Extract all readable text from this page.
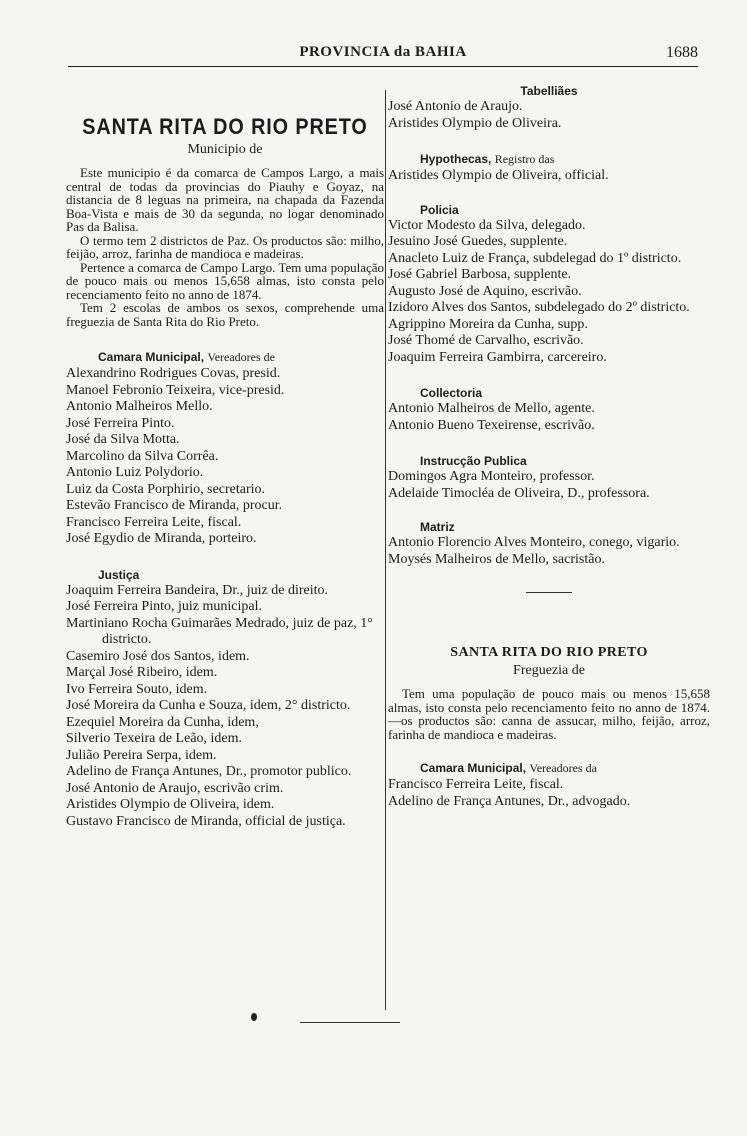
PROVINCIA da BAHIA	1688
SANTA RITA DO RIO PRETO
Municipio de

Este municipio é da comarca de Campos Largo, a mais central de todas da provincias do Piauhy e Goyaz, na distancia de 8 leguas na primeira, na chapada da Fazenda Boa-Vista e mais de 30 da segunda, no logar denominado Pas da Balisa.

O termo tem 2 districtos de Paz. Os productos são: milho, feijão, arroz, farinha de mandioca e madeiras.

Pertence a comarca de Campo Largo. Tem uma população de pouco mais ou menos 15,658 almas, isto consta pelo recenciamento feito no anno de 1874.

Tem 2 escolas de ambos os sexos, comprehende uma freguezia de Santa Rita do Rio Preto.

Camara Municipal, Vereadores de
Alexandrino Rodrigues Covas, presid.
Manoel Febronio Teixeira, vice-presid.
Antonio Malheiros Mello.
José Ferreira Pinto.
José da Silva Motta.
Marcolino da Silva Corrêa.
Antonio Luiz Polydorio.
Luiz da Costa Porphirio, secretario.
Estevão Francisco de Miranda, procur.
Francisco Ferreira Leite, fiscal.
José Egydio de Miranda, porteiro.
Justiça
Joaquim Ferreira Bandeira, Dr., juiz de direito.
José Ferreira Pinto, juiz municipal.
Martiniano Rocha Guimarães Medrado, juiz de paz, 1° districto.
Casemiro José dos Santos, idem.
Marçal José Ribeiro, idem.
Ivo Ferreira Souto, idem.
José Moreira da Cunha e Souza, idem, 2° districto.
Ezequiel Moreira da Cunha, idem,
Silverio Texeira de Leão, idem.
Julião Pereira Serpa, idem.
Adelino de França Antunes, Dr., promotor publico.
José Antonio de Araujo, escrivão crim.
Aristides Olympio de Oliveira, idem.
Gustavo Francisco de Miranda, official de justiça.
Tabelliães
José Antonio de Araujo.
Aristides Olympio de Oliveira.
Hypothecas, Registro das
Aristides Olympio de Oliveira, official.
Policia
Victor Modesto da Silva, delegado.
Jesuino José Guedes, supplente.
Anacleto Luiz de França, subdelegad do 1º districto.
José Gabriel Barbosa, supplente.
Augusto José de Aquino, escrivão.
Izidoro Alves dos Santos, subdelegado do 2º districto.
Agrippino Moreira da Cunha, supp.
José Thomé de Carvalho, escrivão.
Joaquim Ferreira Gambirra, carcereiro.
Collectoria
Antonio Malheiros de Mello, agente.
Antonio Bueno Texeirense, escrivão.
Instrucção Publica
Domingos Agra Monteiro, professor.
Adelaide Timocléa de Oliveira, D., professora.
Matriz
Antonio Florencio Alves Monteiro, conego, vigario.
Moysés Malheiros de Mello, sacristão.
SANTA RITA DO RIO PRETO
Freguezia de

Tem uma população de pouco mais ou menos 15,658 almas, isto consta pelo recenciamento feito no anno de 1874.—os productos são: canna de assucar, milho, feijão, arroz, farinha de mandioca e madeiras.

Camara Municipal, Vereadores da
Francisco Ferreira Leite, fiscal.
Adelino de França Antunes, Dr., advogado.
